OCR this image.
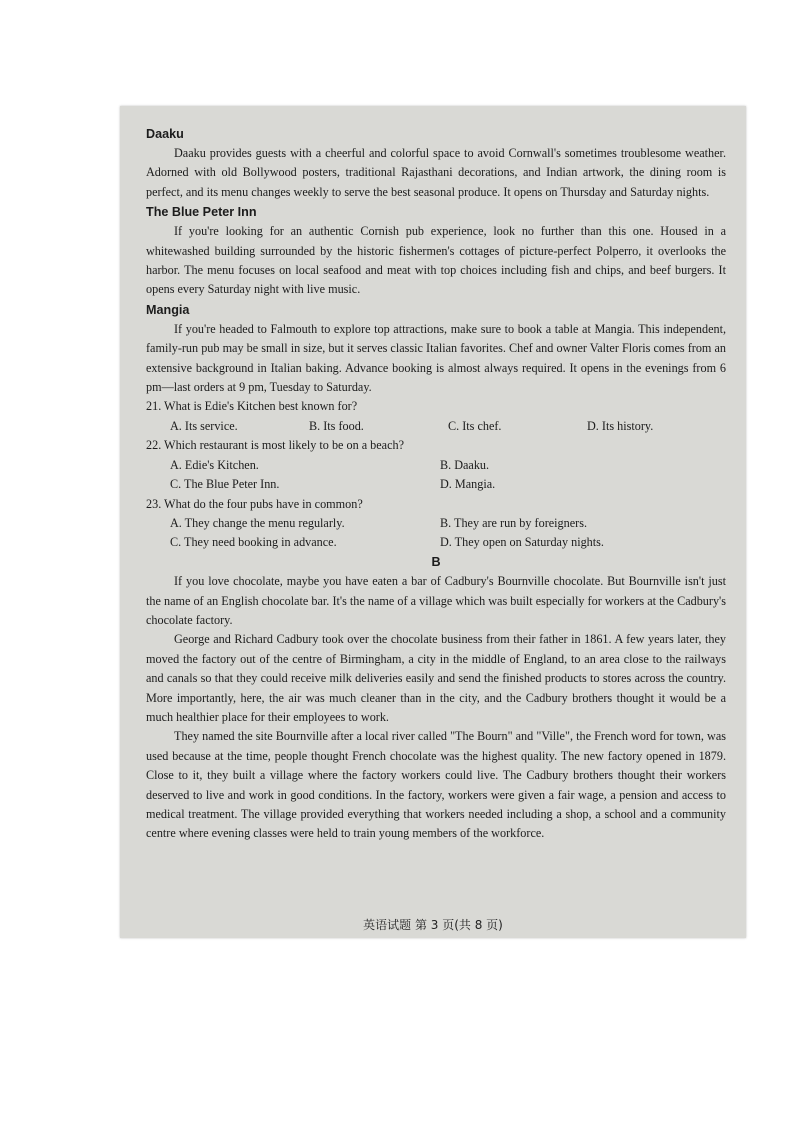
Daaku

Daaku provides guests with a cheerful and colorful space to avoid Cornwall's sometimes troublesome weather. Adorned with old Bollywood posters, traditional Rajasthani decorations, and Indian artwork, the dining room is perfect, and its menu changes weekly to serve the best seasonal produce. It opens on Thursday and Saturday nights.

The Blue Peter Inn

If you're looking for an authentic Cornish pub experience, look no further than this one. Housed in a whitewashed building surrounded by the historic fishermen's cottages of picture-perfect Polperro, it overlooks the harbor. The menu focuses on local seafood and meat with top choices including fish and chips, and beef burgers. It opens every Saturday night with live music.

Mangia

If you're headed to Falmouth to explore top attractions, make sure to book a table at Mangia. This independent, family-run pub may be small in size, but it serves classic Italian favorites. Chef and owner Valter Floris comes from an extensive background in Italian baking. Advance booking is almost always required. It opens in the evenings from 6 pm—last orders at 9 pm, Tuesday to Saturday.

21. What is Edie's Kitchen best known for?

A. Its service.	B. Its food.	C. Its chef.	D. Its history.

22. Which restaurant is most likely to be on a beach?

A. Edie's Kitchen.	B. Daaku.
C. The Blue Peter Inn.	D. Mangia.

23. What do the four pubs have in common?

A. They change the menu regularly.	B. They are run by foreigners.
C. They need booking in advance.	D. They open on Saturday nights.

B

If you love chocolate, maybe you have eaten a bar of Cadbury's Bournville chocolate. But Bournville isn't just the name of an English chocolate bar. It's the name of a village which was built especially for workers at the Cadbury's chocolate factory.

George and Richard Cadbury took over the chocolate business from their father in 1861. A few years later, they moved the factory out of the centre of Birmingham, a city in the middle of England, to an area close to the railways and canals so that they could receive milk deliveries easily and send the finished products to stores across the country. More importantly, here, the air was much cleaner than in the city, and the Cadbury brothers thought it would be a much healthier place for their employees to work.

They named the site Bournville after a local river called "The Bourn" and "Ville", the French word for town, was used because at the time, people thought French chocolate was the highest quality. The new factory opened in 1879. Close to it, they built a village where the factory workers could live. The Cadbury brothers thought their workers deserved to live and work in good conditions. In the factory, workers were given a fair wage, a pension and access to medical treatment. The village provided everything that workers needed including a shop, a school and a community centre where evening classes were held to train young members of the workforce.

英语试题 第 3 页(共 8 页)
